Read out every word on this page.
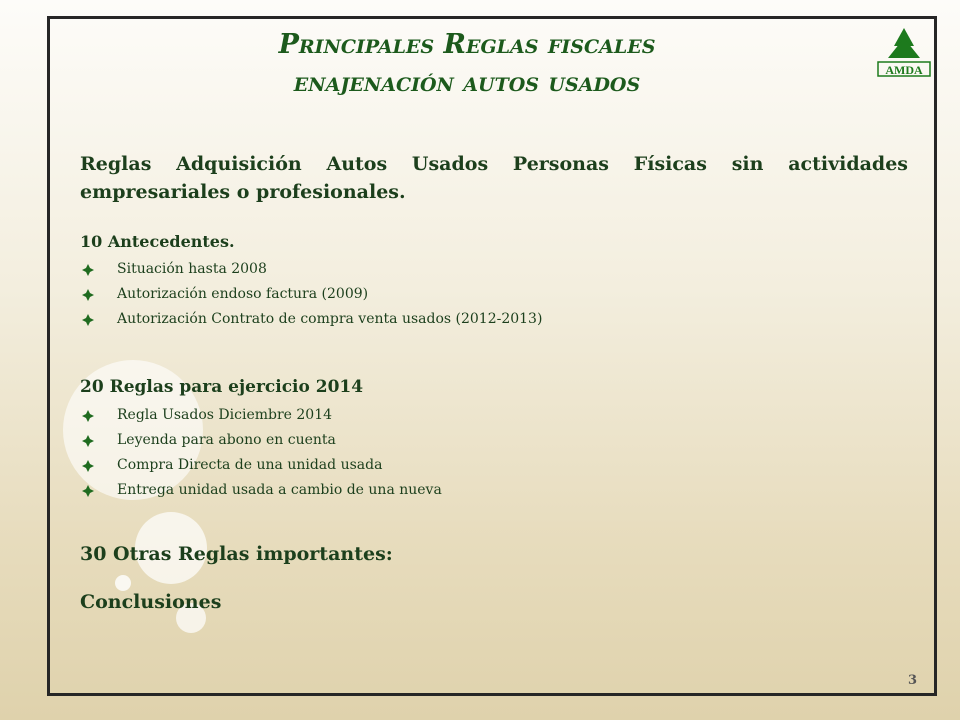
Principales Reglas fiscales
enajenación autos usados	AMDA
Reglas Adquisición Autos Usados Personas Físicas sin actividades empresariales o profesionales.
10 Antecedentes.
Situación hasta 2008
Autorización endoso factura (2009)
Autorización Contrato de compra venta usados (2012-2013)
20 Reglas para ejercicio 2014
Regla Usados Diciembre 2014
Leyenda para abono en cuenta
Compra Directa de una unidad usada
Entrega unidad usada a cambio de una nueva
30 Otras Reglas importantes:
Conclusiones
3
